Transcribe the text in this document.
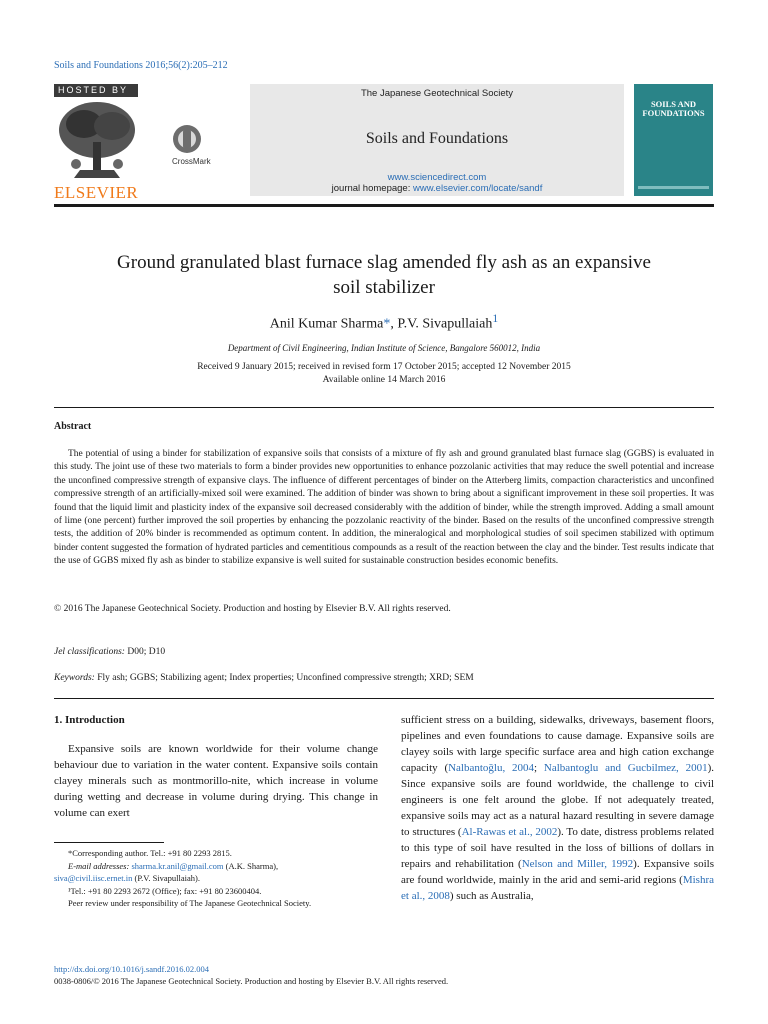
Soils and Foundations 2016;56(2):205–212
HOSTED BY
ELSEVIER
CrossMark
The Japanese Geotechnical Society
Soils and Foundations
www.sciencedirect.com
journal homepage: www.elsevier.com/locate/sandf
SOILS AND FOUNDATIONS
Ground granulated blast furnace slag amended fly ash as an expansive
soil stabilizer
Anil Kumar Sharma*, P.V. Sivapullaiah$^1$
Department of Civil Engineering, Indian Institute of Science, Bangalore 560012, India
Received 9 January 2015; received in revised form 17 October 2015; accepted 12 November 2015
Available online 14 March 2016
Abstract

The potential of using a binder for stabilization of expansive soils that consists of a mixture of fly ash and ground granulated blast furnace slag (GGBS) is evaluated in this study. The joint use of these two materials to form a binder provides new opportunities to enhance pozzolanic activities that may reduce the swell potential and increase the unconfined compressive strength of expansive clays. The influence of different percentages of binder on the Atterberg limits, compaction characteristics and unconfined compressive strength of an artificially-mixed soil were examined. The addition of binder was shown to bring about a significant improvement in these soil properties. It was found that the liquid limit and plasticity index of the expansive soil decreased considerably with the addition of binder, while the strength improved. Adding a small amount of lime (one percent) further improved the soil properties by enhancing the pozzolanic reactivity of the binder. Based on the results of the unconfined compressive strength tests, the addition of 20% binder is recommended as optimum content. In addition, the mineralogical and morphological studies of soil specimen stabilized with optimum binder content suggested the formation of hydrated particles and cementitious compounds as a result of the reaction between the clay and the binder. Test results indicate that the use of GGBS mixed fly ash as binder to stabilize expansive is well suited for sustainable construction besides economic benefits.

© 2016 The Japanese Geotechnical Society. Production and hosting by Elsevier B.V. All rights reserved.
Jel classifications: D00; D10
Keywords: Fly ash; GGBS; Stabilizing agent; Index properties; Unconfined compressive strength; XRD; SEM
1. Introduction

Expansive soils are known worldwide for their volume change behaviour due to variation in the water content. Expansive soils contain clayey minerals such as montmorillo-nite, which increase in volume during wetting and decrease in volume during drying. This change in volume can exert

*Corresponding author. Tel.: +91 80 2293 2815.
E-mail addresses: sharma.kr.anil@gmail.com (A.K. Sharma),
siva@civil.iisc.ernet.in (P.V. Sivapullaiah).
¹Tel.: +91 80 2293 2672 (Office); fax: +91 80 23600404.
Peer review under responsibility of The Japanese Geotechnical Society.

sufficient stress on a building, sidewalks, driveways, basement floors, pipelines and even foundations to cause damage. Expansive soils are clayey soils with large specific surface area and high cation exchange capacity (Nalbantoğlu, 2004; Nalbantoglu and Gucbilmez, 2001). Since expansive soils are found worldwide, the challenge to civil engineers is one felt around the globe. If not adequately treated, expansive soils may act as a natural hazard resulting in severe damage to structures (Al-Rawas et al., 2002). To date, distress problems related to this type of soil have resulted in the loss of billions of dollars in repairs and rehabilitation (Nelson and Miller, 1992). Expansive soils are found worldwide, mainly in the arid and semi-arid regions (Mishra et al., 2008) such as Australia,

http://dx.doi.org/10.1016/j.sandf.2016.02.004
0038-0806/© 2016 The Japanese Geotechnical Society. Production and hosting by Elsevier B.V. All rights reserved.
